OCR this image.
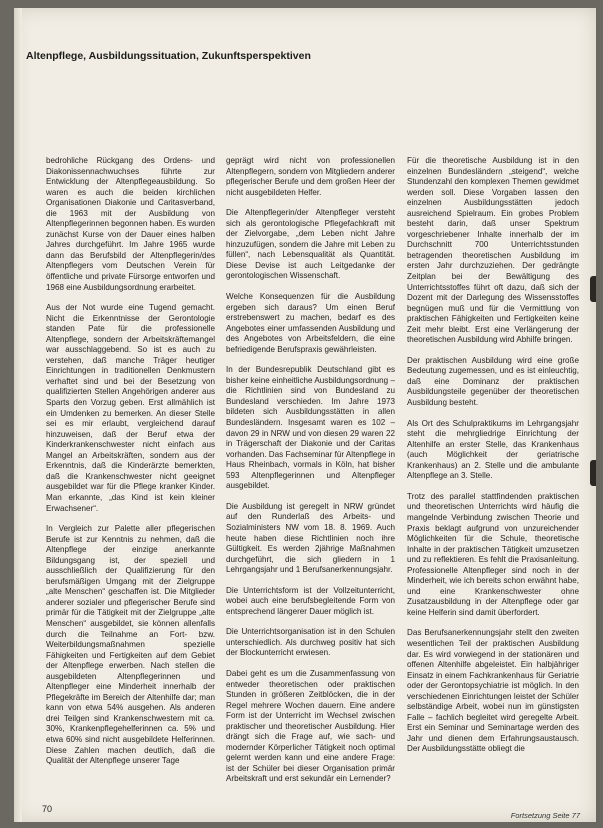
Altenpflege, Ausbildungssituation, Zukunftsperspektiven

bedrohliche Rückgang des Ordens- und Diakonissennachwuchses führte zur Entwicklung der Altenpflegeausbildung. So waren es auch die beiden kirchlichen Organisationen Diakonie und Caritasverband, die 1963 mit der Ausbildung von Altenpflegerinnen begonnen haben. Es wurden zunächst Kurse von der Dauer eines halben Jahres durchgeführt. Im Jahre 1965 wurde dann das Berufsbild der Altenpflegerin/des Altenpflegers vom Deutschen Verein für öffentliche und private Fürsorge entworfen und 1968 eine Ausbildungsordnung erarbeitet.

Aus der Not wurde eine Tugend gemacht. Nicht die Erkenntnisse der Gerontologie standen Pate für die professionelle Altenpflege, sondern der Arbeitskräftemangel war ausschlaggebend. So ist es auch zu verstehen, daß manche Träger heutiger Einrichtungen in traditionellen Denkmustern verhaftet sind und bei der Besetzung von qualifizierten Stellen Angehörigen anderer aus Sparts den Vorzug geben. Erst allmählich ist ein Umdenken zu bemerken. An dieser Stelle sei es mir erlaubt, vergleichend darauf hinzuweisen, daß der Beruf etwa der Kinderkrankenschwester nicht einfach aus Mangel an Arbeitskräften, sondern aus der Erkenntnis, daß die Kinderärzte bemerkten, daß die Krankenschwester nicht geeignet ausgebildet war für die Pflege kranker Kinder. Man erkannte, „das Kind ist kein kleiner Erwachsener“.

In Vergleich zur Palette aller pflegerischen Berufe ist zur Kenntnis zu nehmen, daß die Altenpflege der einzige anerkannte Bildungsgang ist, der speziell und ausschließlich der Qualifizierung für den berufsmäßigen Umgang mit der Zielgruppe „alte Menschen“ geschaffen ist. Die Mitglieder anderer sozialer und pflegerischer Berufe sind primär für die Tätigkeit mit der Zielgruppe „alte Menschen“ ausgebildet, sie können allenfalls durch die Teilnahme an Fort- bzw. Weiterbildungsmaßnahmen spezielle Fähigkeiten und Fertigkeiten auf dem Gebiet der Altenpflege erwerben. Nach stellen die ausgebildeten Altenpflegerinnen und Altenpfleger eine Minderheit innerhalb der Pflegekräfte im Bereich der Altenhilfe dar; man kann von etwa 54% ausgehen. Als anderen drei Teilgen sind Krankenschwestern mit ca. 30%, Krankenpflegehelferinnen ca. 5% und etwa 60% sind nicht ausgebildete Helferinnen. Diese Zahlen machen deutlich, daß die Qualität der Altenpflege unserer Tage

geprägt wird nicht von professionellen Altenpflegern, sondern von Mitgliedern anderer pflegerischer Berufe und dem großen Heer der nicht ausgebildeten Helfer.

Die Altenpflegerin/der Altenpfleger versteht sich als gerontologische Pflegefachkraft mit der Zielvorgabe, „dem Leben nicht Jahre hinzuzufügen, sondern die Jahre mit Leben zu füllen“, nach Lebensqualität als Quantität. Diese Devise ist auch Leitgedanke der gerontologischen Wissenschaft.

Welche Konsequenzen für die Ausbildung ergeben sich daraus? Um einen Beruf erstrebenswert zu machen, bedarf es des Angebotes einer umfassenden Ausbildung und des Angebotes von Arbeitsfeldern, die eine befriedigende Berufspraxis gewährleisten.

In der Bundesrepublik Deutschland gibt es bisher keine einheitliche Ausbildungsordnung – die Richtlinien sind von Bundesland zu Bundesland verschieden. Im Jahre 1973 bildeten sich Ausbildungsstätten in allen Bundesländern. Insgesamt waren es 102 – davon 29 in NRW und von diesen 29 waren 22 in Trägerschaft der Diakonie und der Caritas vorhanden. Das Fachseminar für Altenpflege in Haus Rheinbach, vormals in Köln, hat bisher 593 Altenpflegerinnen und Altenpfleger ausgebildet.

Die Ausbildung ist geregelt in NRW gründet auf den Runderlaß des Arbeits- und Sozialministers NW vom 18. 8. 1969. Auch heute haben diese Richtlinien noch ihre Gültigkeit. Es werden 2jährige Maßnahmen durchgeführt, die sich gliedern in 1 Lehrgangsjahr und 1 Berufsanerkennungsjahr.

Die Unterrichtsform ist der Vollzeitunterricht, wobei auch eine berufsbegleitende Form von entsprechend längerer Dauer möglich ist.

Die Unterrichtsorganisation ist in den Schulen unterschiedlich. Als durchweg positiv hat sich der Blockunterricht erwiesen.

Dabei geht es um die Zusammenfassung von entweder theoretischen oder praktischen Stunden in größeren Zeitblöcken, die in der Regel mehrere Wochen dauern. Eine andere Form ist der Unterricht im Wechsel zwischen praktischer und theoretischer Ausbildung. Hier drängt sich die Frage auf, wie sach- und modernder Körperlicher Tätigkeit noch optimal gelernt werden kann und eine andere Frage: ist der Schüler bei dieser Organisation primär Arbeitskraft und erst sekundär ein Lernender?

Für die theoretische Ausbildung ist in den einzelnen Bundesländern „steigend“, welche Stundenzahl den komplexen Themen gewidmet werden soll. Diese Vorgaben lassen den einzelnen Ausbildungsstätten jedoch ausreichend Spielraum. Ein grobes Problem besteht darin, daß unser Spektrum vorgeschriebener Inhalte innerhalb der im Durchschnitt 700 Unterrichtsstunden betragenden theoretischen Ausbildung im ersten Jahr durchzuziehen. Der gedrängte Zeitplan bei der Bewältigung des Unterrichtsstoffes führt oft dazu, daß sich der Dozent mit der Darlegung des Wissensstoffes begnügen muß und für die Vermittlung von praktischen Fähigkeiten und Fertigkeiten keine Zeit mehr bleibt. Erst eine Verlängerung der theoretischen Ausbildung wird Abhilfe bringen.

Der praktischen Ausbildung wird eine große Bedeutung zugemessen, und es ist einleuchtig, daß eine Dominanz der praktischen Ausbildungsteile gegenüber der theoretischen Ausbildung besteht.

Als Ort des Schulpraktikums im Lehrgangsjahr steht die mehrgliedrige Einrichtung der Altenhilfe an erster Stelle, das Krankenhaus (auch Möglichkeit der geriatrische Krankenhaus) an 2. Stelle und die ambulante Altenpflege an 3. Stelle.

Trotz des parallel stattfindenden praktischen und theoretischen Unterrichts wird häufig die mangelnde Verbindung zwischen Theorie und Praxis beklagt aufgrund von unzureichender Möglichkeiten für die Schule, theoretische Inhalte in der praktischen Tätigkeit umzusetzen und zu reflektieren. Es fehlt die Praxisanleitung. Professionelle Altenpfleger sind noch in der Minderheit, wie ich bereits schon erwähnt habe, und eine Krankenschwester ohne Zusatzausbildung in der Altenpflege oder gar keine Helferin sind damit überfordert.

Das Berufsanerkennungsjahr stellt den zweiten wesentlichen Teil der praktischen Ausbildung dar. Es wird vorwiegend in der stationären und offenen Altenhilfe abgeleistet. Ein halbjähriger Einsatz in einem Fachkrankenhaus für Geriatrie oder der Gerontopsychiatrie ist möglich. In den verschiedenen Einrichtungen leistet der Schüler selbständige Arbeit, wobei nun im günstigsten Falle – fachlich begleitet wird geregelte Arbeit. Erst ein Seminar und Seminartage werden des Jahr und dienen dem Erfahrungsaustausch. Der Ausbildungsstätte obliegt die

70
Fortsetzung Seite 77
